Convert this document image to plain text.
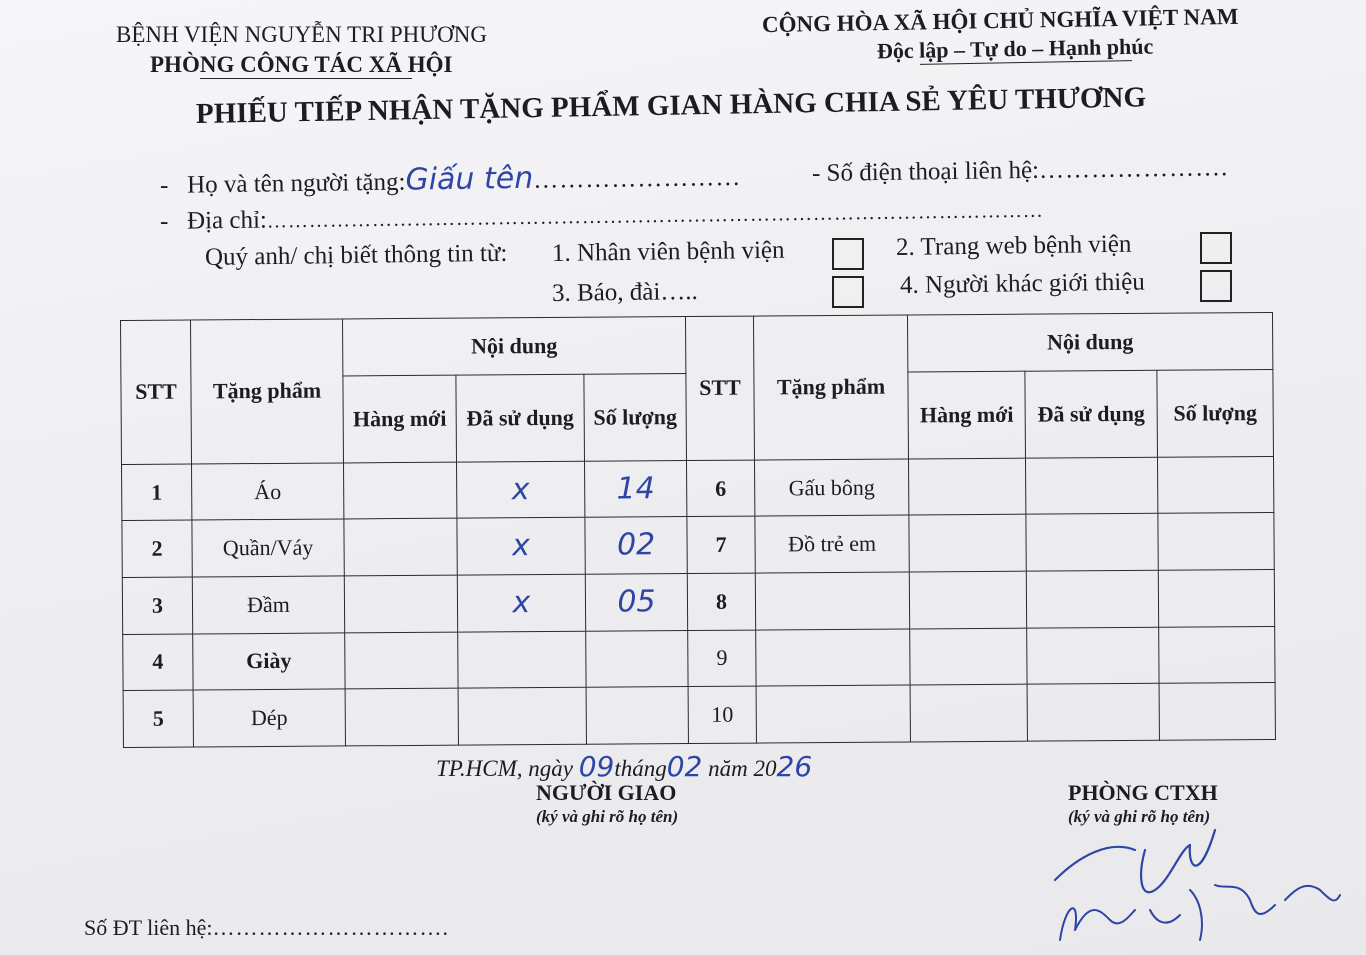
BỆNH VIỆN NGUYỄN TRI PHƯƠNG
PHÒNG CÔNG TÁC XÃ HỘI
CỘNG HÒA XÃ HỘI CHỦ NGHĨA VIỆT NAM
Độc lập – Tự do – Hạnh phúc
PHIẾU TIẾP NHẬN TẶNG PHẨM GIAN HÀNG CHIA SẺ YÊU THƯƠNG
-   Họ và tên người tặng:Giấu tên……………………	- Số điện thoại liên hệ:………………….
-   Địa chỉ:…………………………………………………………………………………………………
Quý anh/ chị biết thông tin từ: 1. Nhân viên bệnh viện	2. Trang web bệnh viện
3. Báo, đài…..	4. Người khác giới thiệu
STT	Tặng phẩm	Nội dung			STT	Tặng phẩm	Nội dung		
		Hàng mới	Đã sử dụng	Số lượng			Hàng mới	Đã sử dụng	Số lượng
1	Áo		x	14	6	Gấu bông			
2	Quần/Váy		x	02	7	Đồ trẻ em			
3	Đầm		x	05	8				
4	Giày				9				
5	Dép				10				
TP.HCM, ngày 09tháng02 năm 2026
NGƯỜI GIAO
(ký và ghi rõ họ tên)
PHÒNG CTXH
(ký và ghi rõ họ tên)
Số ĐT liên hệ:………………………….
